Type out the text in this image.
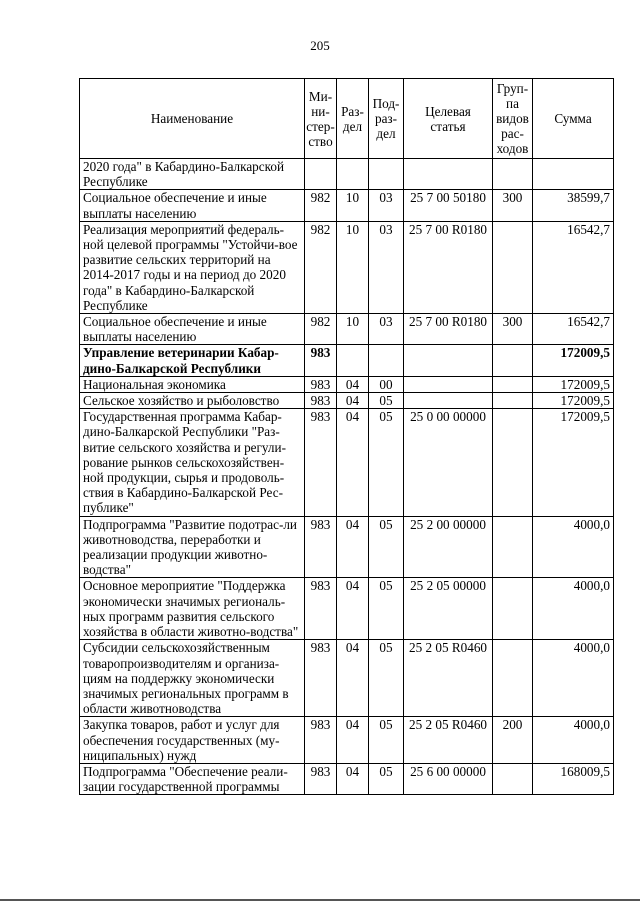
205
Наименование	Ми-
ни-
стер-
ство	Раз-
дел	Под-
раз-
дел	Целевая
статья	Груп-
па
видов
рас-
ходов	Сумма
2020 года" в Кабардино-Балкарской Республике						
Социальное обеспечение и иные выплаты населению	982	10	03	25 7 00 50180	300	38599,7
Реализация мероприятий федераль-ной целевой программы "Устойчи-вое развитие сельских территорий на 2014-2017 годы и на период до 2020 года" в Кабардино-Балкарской Республике	982	10	03	25 7 00 R0180		16542,7
Социальное обеспечение и иные выплаты населению	982	10	03	25 7 00 R0180	300	16542,7
Управление ветеринарии Кабар-дино-Балкарской Республики	983					172009,5
Национальная экономика	983	04	00			172009,5
Сельское хозяйство и рыболовство	983	04	05			172009,5
Государственная программа Кабар-дино-Балкарской Республики "Раз-витие сельского хозяйства и регули-рование рынков сельскохозяйствен-ной продукции, сырья и продоволь-ствия в Кабардино-Балкарской Рес-публике"	983	04	05	25 0 00 00000		172009,5
Подпрограмма "Развитие подотрас-ли животноводства, переработки и реализации продукции животно-водства"	983	04	05	25 2 00 00000		4000,0
Основное мероприятие "Поддержка экономически значимых региональ-ных программ развития сельского хозяйства в области животно-водства"	983	04	05	25 2 05 00000		4000,0
Субсидии сельскохозяйственным товаропроизводителям и организа-циям на поддержку экономически значимых региональных программ в области животноводства	983	04	05	25 2 05 R0460		4000,0
Закупка товаров, работ и услуг для обеспечения государственных (му-ниципальных) нужд	983	04	05	25 2 05 R0460	200	4000,0
Подпрограмма "Обеспечение реали-зации государственной программы	983	04	05	25 6 00 00000		168009,5
